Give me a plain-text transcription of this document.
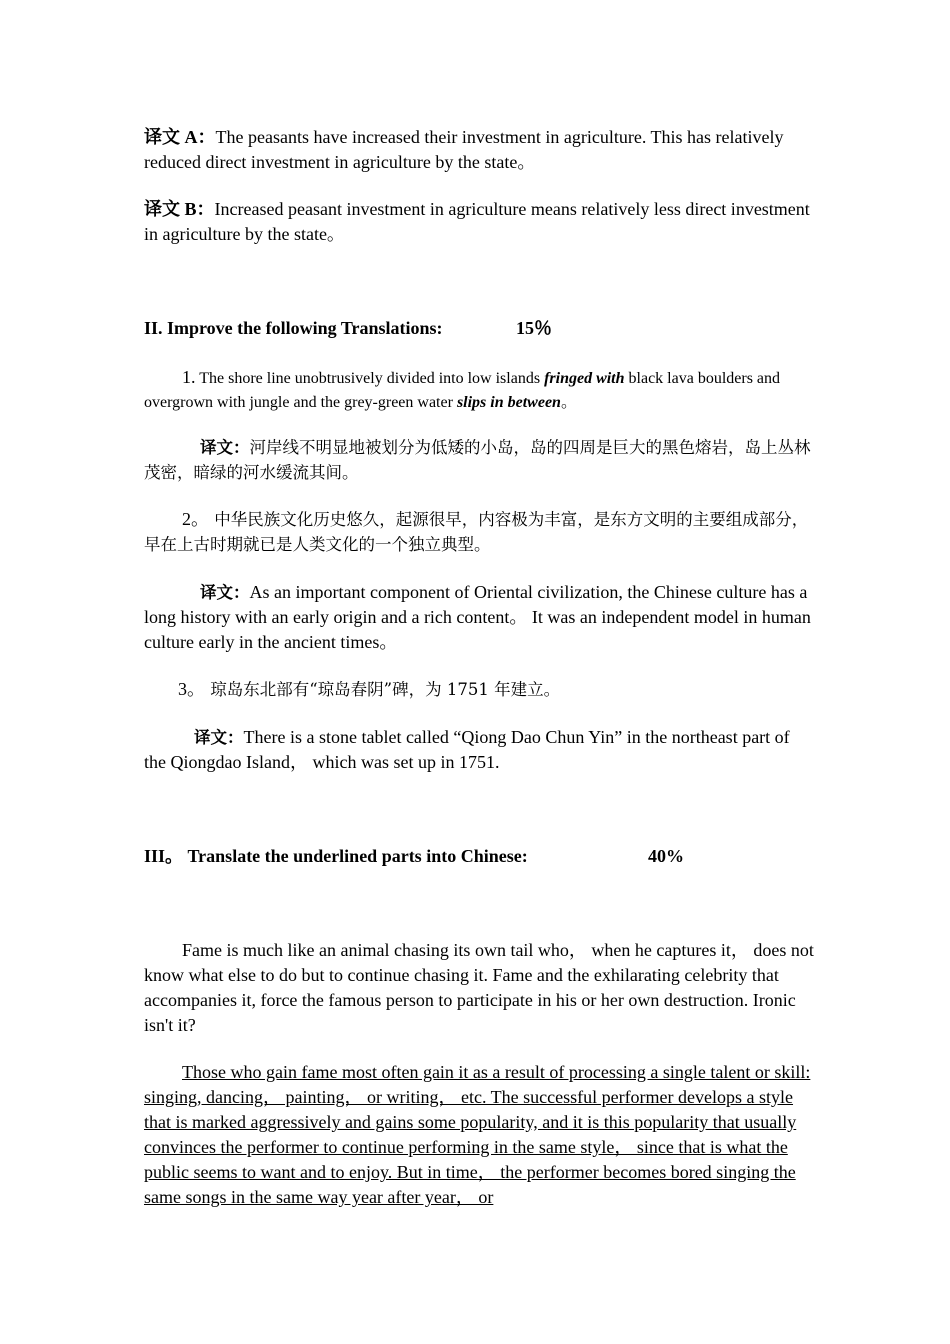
译文 A：The peasants have increased their investment in agriculture. This has relatively reduced direct investment in agriculture by the state。

译文 B：Increased peasant investment in agriculture means relatively less direct investment in agriculture by the state。

II. Improve the following Translations:	15％

1. The shore line unobtrusively divided into low islands fringed with black lava boulders and overgrown with jungle and the grey-green water slips in between。

译文：河岸线不明显地被划分为低矮的小岛，岛的四周是巨大的黑色熔岩，岛上丛林茂密，暗绿的河水缓流其间。

2。 中华民族文化历史悠久，起源很早，内容极为丰富，是东方文明的主要组成部分，早在上古时期就已是人类文化的一个独立典型。

译文：As an important component of Oriental civilization, the Chinese culture has a long history with an early origin and a rich content。 It was an independent model in human culture early in the ancient times。

3。 琼岛东北部有“琼岛春阴”碑，为 1751 年建立。

译文：There is a stone tablet called “Qiong Dao Chun Yin” in the northeast part of the Qiongdao Island， which was set up in 1751.

III。 Translate the underlined parts into Chinese:	40%

Fame is much like an animal chasing its own tail who， when he captures it， does not know what else to do but to continue chasing it. Fame and the exhilarating celebrity that accompanies it, force the famous person to participate in his or her own destruction. Ironic isn't it?

Those who gain fame most often gain it as a result of processing a single talent or skill: singing, dancing， painting， or writing， etc. The successful performer develops a style that is marked aggressively and gains some popularity, and it is this popularity that usually convinces the performer to continue performing in the same style， since that is what the public seems to want and to enjoy. But in time， the performer becomes bored singing the same songs in the same way year after year， or
